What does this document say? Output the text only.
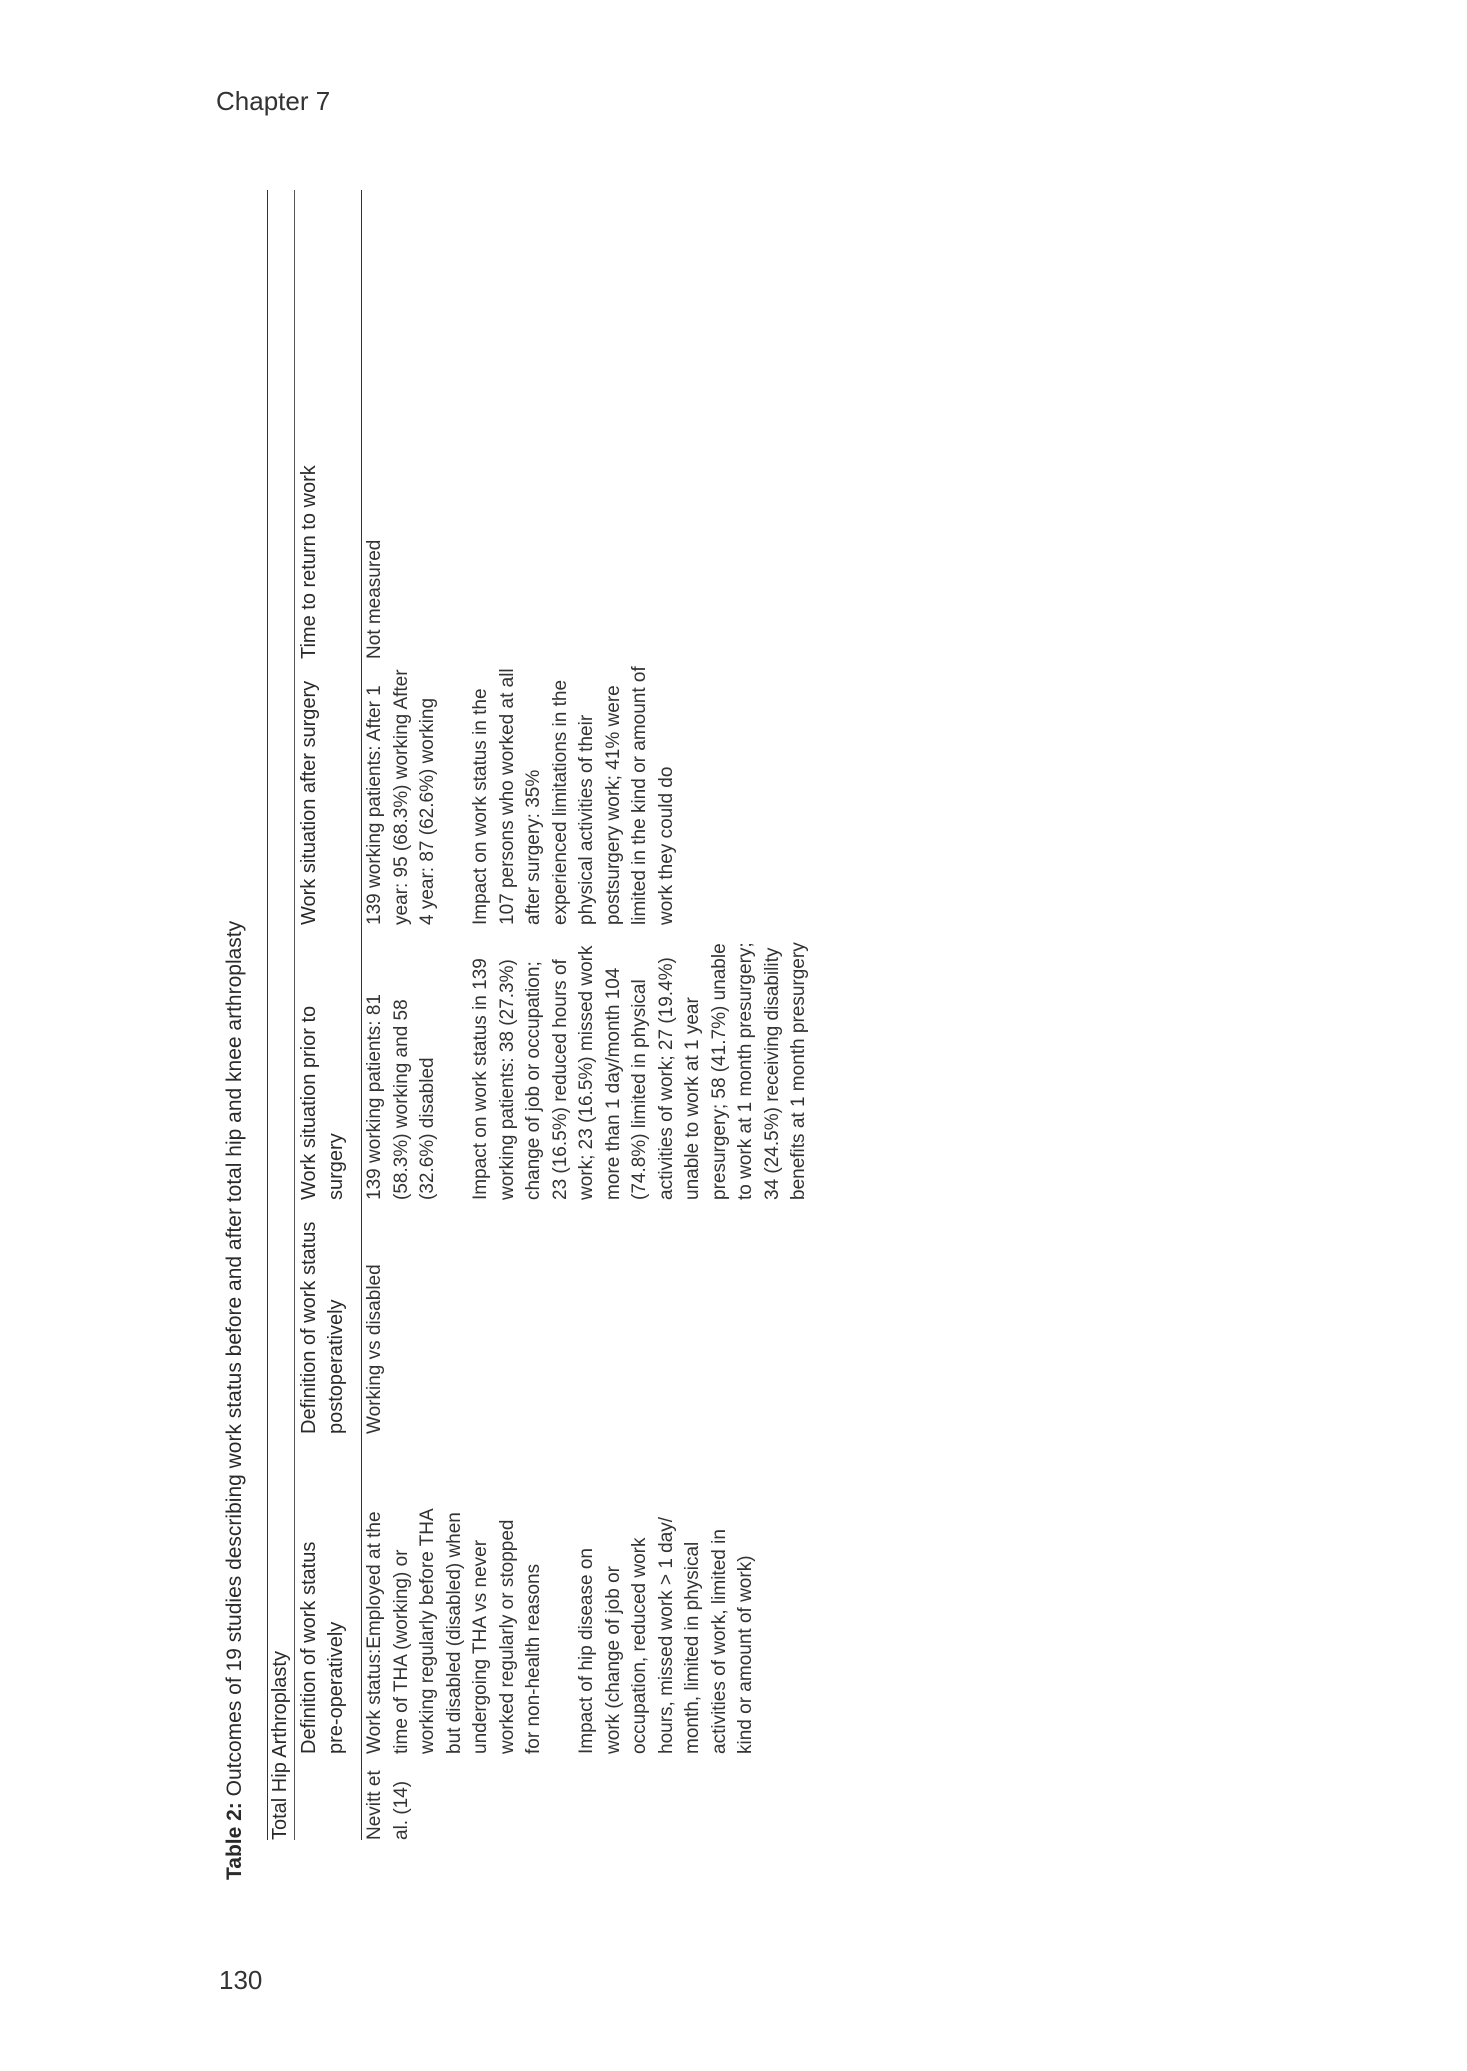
Chapter 7
130
Table 2: Outcomes of 19 studies describing work status before and after total hip and knee arthroplasty Total Hip Arthroplasty Definition of work status pre-operatively
Definition of work status postoperatively
Work situation prior to surgery
Work situation after surgery
Time to return to work
Nevitt et al. (14)
Work status:Employed at the time of THA (working) or working regularly before THA but disabled (disabled) when undergoing THA vs never worked regularly or stopped for non-health reasons Impact of hip disease on work (change of job or occupation, reduced work hours, missed work > 1 day/ month, limited in physical activities of work, limited in kind or amount of work)
Working vs disabled
139 working patients: 81 (58.3%) working and 58 (32.6%) disabled Impact on work status in 139 working patients: 38 (27.3%) change of job or occupation; 23 (16.5%) reduced hours of work; 23 (16.5%) missed work more than 1 day/month 104 (74.8%) limited in physical activities of work; 27 (19.4%) unable to work at 1 year presurgery; 58 (41.7%) unable to work at 1 month presurgery; 34 (24.5%) receiving disability benefits at 1 month presurgery
139 working patients: After 1 year: 95 (68.3%) working After 4 year: 87 (62.6%) working Impact on work status in the 107 persons who worked at all after surgery: 35% experienced limitations in the physical activities of their postsurgery work; 41% were limited in the kind or amount of work they could do
Not measured
